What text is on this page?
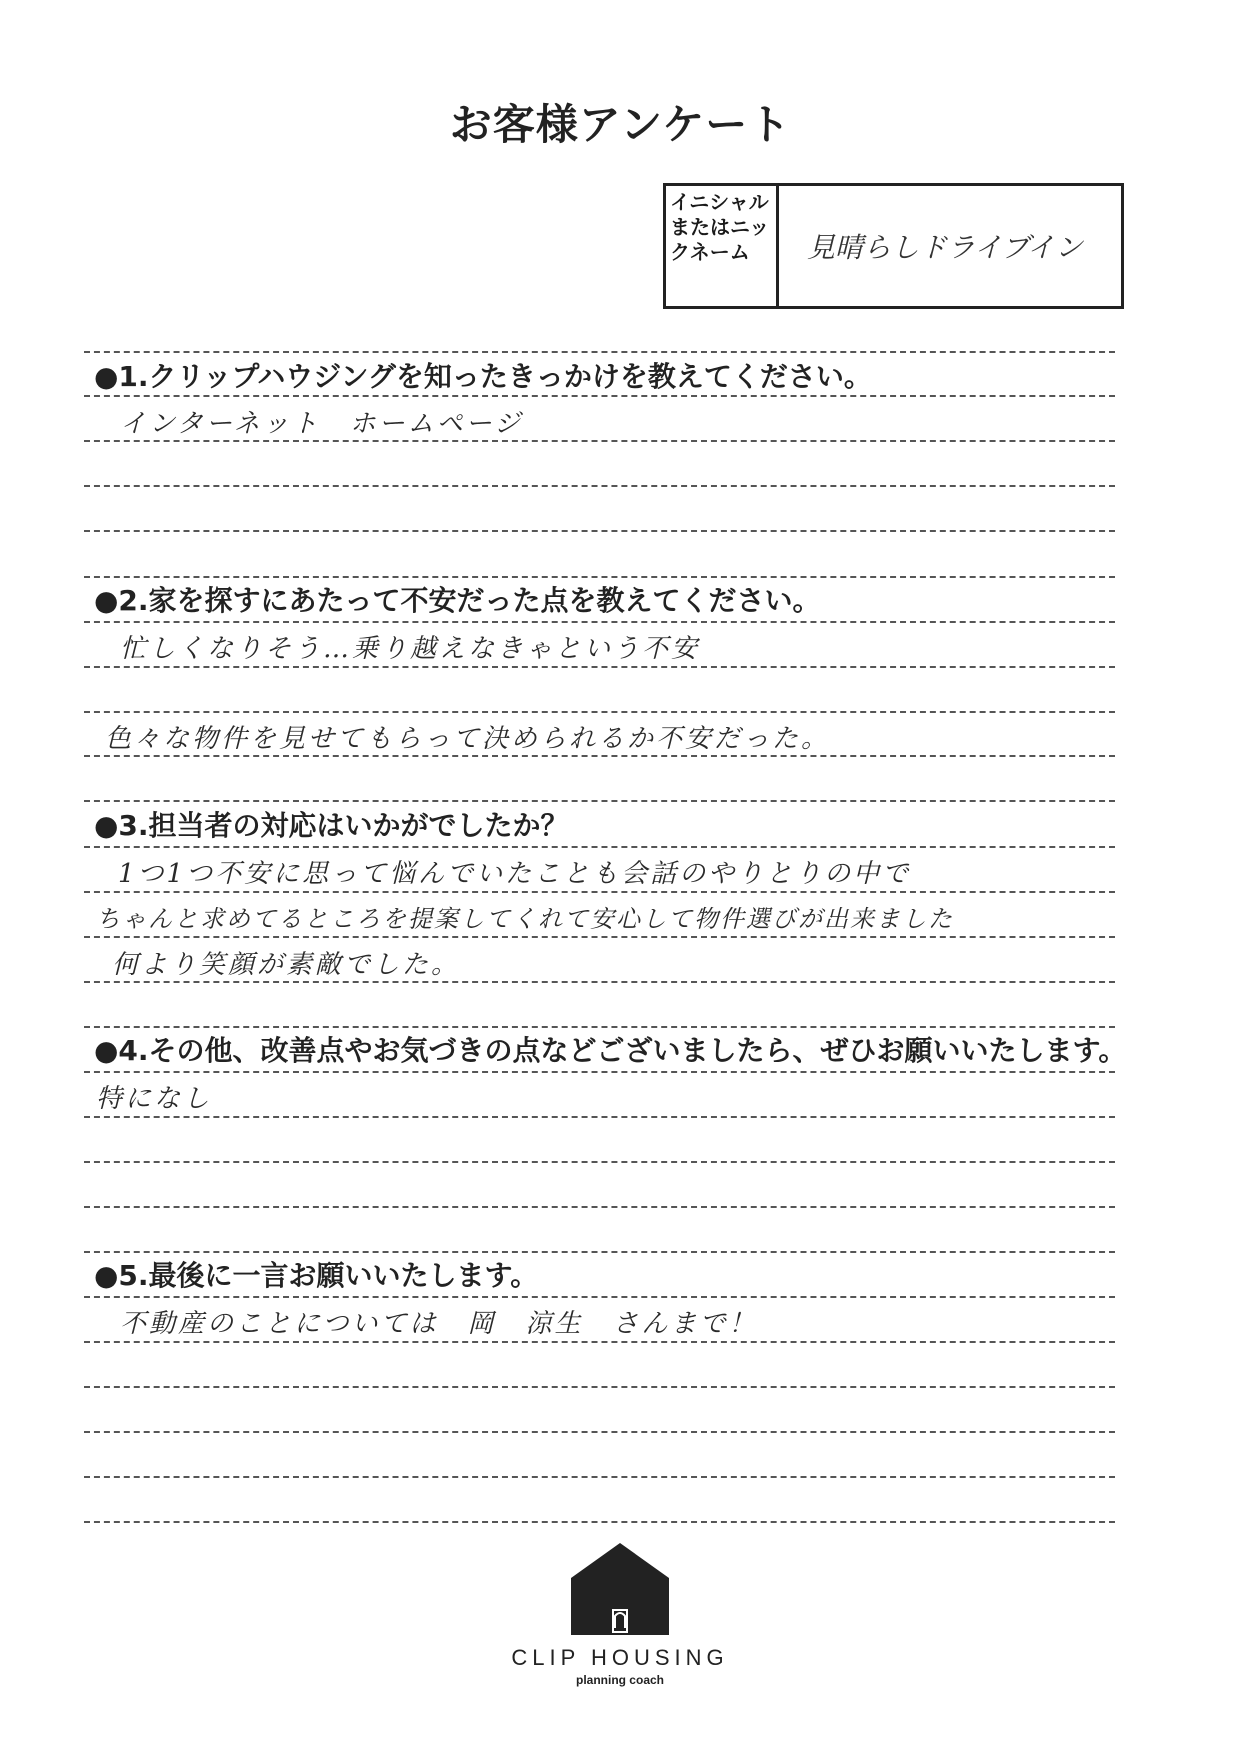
お客様アンケート
イニシャルまたはニックネーム	見晴らしドライブイン
●1.クリップハウジングを知ったきっかけを教えてください。
インターネット　ホームページ
●2.家を探すにあたって不安だった点を教えてください。
忙しくなりそう…乗り越えなきゃという不安
色々な物件を見せてもらって決められるか不安だった。
●3.担当者の対応はいかがでしたか？
1つ1つ不安に思って悩んでいたことも会話のやりとりの中で
ちゃんと求めてるところを提案してくれて安心して物件選びが出来ました
何より笑顔が素敵でした。
●4.その他、改善点やお気づきの点などございましたら、ぜひお願いいたします。
特になし
●5.最後に一言お願いいたします。
不動産のことについては　岡　涼生　さんまで！
CLIP HOUSING
planning coach
